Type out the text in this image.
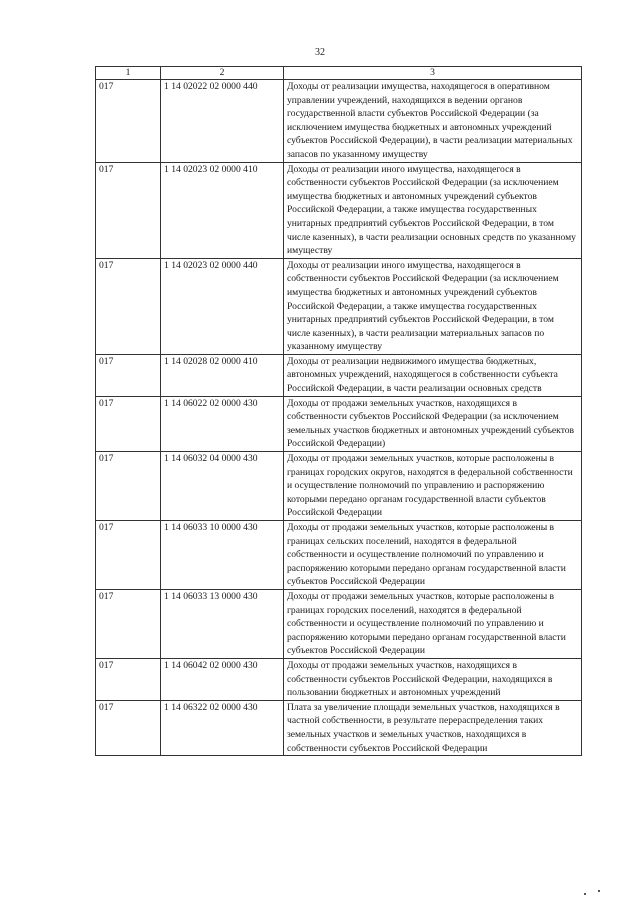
32
1	2	3
017	1 14 02022 02 0000 440	Доходы от реализации имущества, находящегося в оперативном управлении учреждений, находящихся в ведении органов государственной власти субъектов Российской Федерации (за исключением имущества бюджетных и автономных учреждений субъектов Российской Федерации), в части реализации материальных запасов по указанному имуществу
017	1 14 02023 02 0000 410	Доходы от реализации иного имущества, находящегося в собственности субъектов Российской Федерации (за исключением имущества бюджетных и автономных учреждений субъектов Российской Федерации, а также имущества государственных унитарных предприятий субъектов Российской Федерации, в том числе казенных), в части реализации основных средств по указанному имуществу
017	1 14 02023 02 0000 440	Доходы от реализации иного имущества, находящегося в собственности субъектов Российской Федерации (за исключением имущества бюджетных и автономных учреждений субъектов Российской Федерации, а также имущества государственных унитарных предприятий субъектов Российской Федерации, в том числе казенных), в части реализации материальных запасов по указанному имуществу
017	1 14 02028 02 0000 410	Доходы от реализации недвижимого имущества бюджетных, автономных учреждений, находящегося в собственности субъекта Российской Федерации, в части реализации основных средств
017	1 14 06022 02 0000 430	Доходы от продажи земельных участков, находящихся в собственности субъектов Российской Федерации (за исключением земельных участков бюджетных и автономных учреждений субъектов Российской Федерации)
017	1 14 06032 04 0000 430	Доходы от продажи земельных участков, которые расположены в границах городских округов, находятся в федеральной собственности и осуществление полномочий по управлению и распоряжению которыми передано органам государственной власти субъектов Российской Федерации
017	1 14 06033 10 0000 430	Доходы от продажи земельных участков, которые расположены в границах сельских поселений, находятся в федеральной собственности и осуществление полномочий по управлению и распоряжению которыми передано органам государственной власти субъектов Российской Федерации
017	1 14 06033 13 0000 430	Доходы от продажи земельных участков, которые расположены в границах городских поселений, находятся в федеральной собственности и осуществление полномочий по управлению и распоряжению которыми передано органам государственной власти субъектов Российской Федерации
017	1 14 06042 02 0000 430	Доходы от продажи земельных участков, находящихся в собственности субъектов Российской Федерации, находящихся в пользовании бюджетных и автономных учреждений
017	1 14 06322 02 0000 430	Плата за увеличение площади земельных участков, находящихся в частной собственности, в результате перераспределения таких земельных участков и земельных участков, находящихся в собственности субъектов Российской Федерации
